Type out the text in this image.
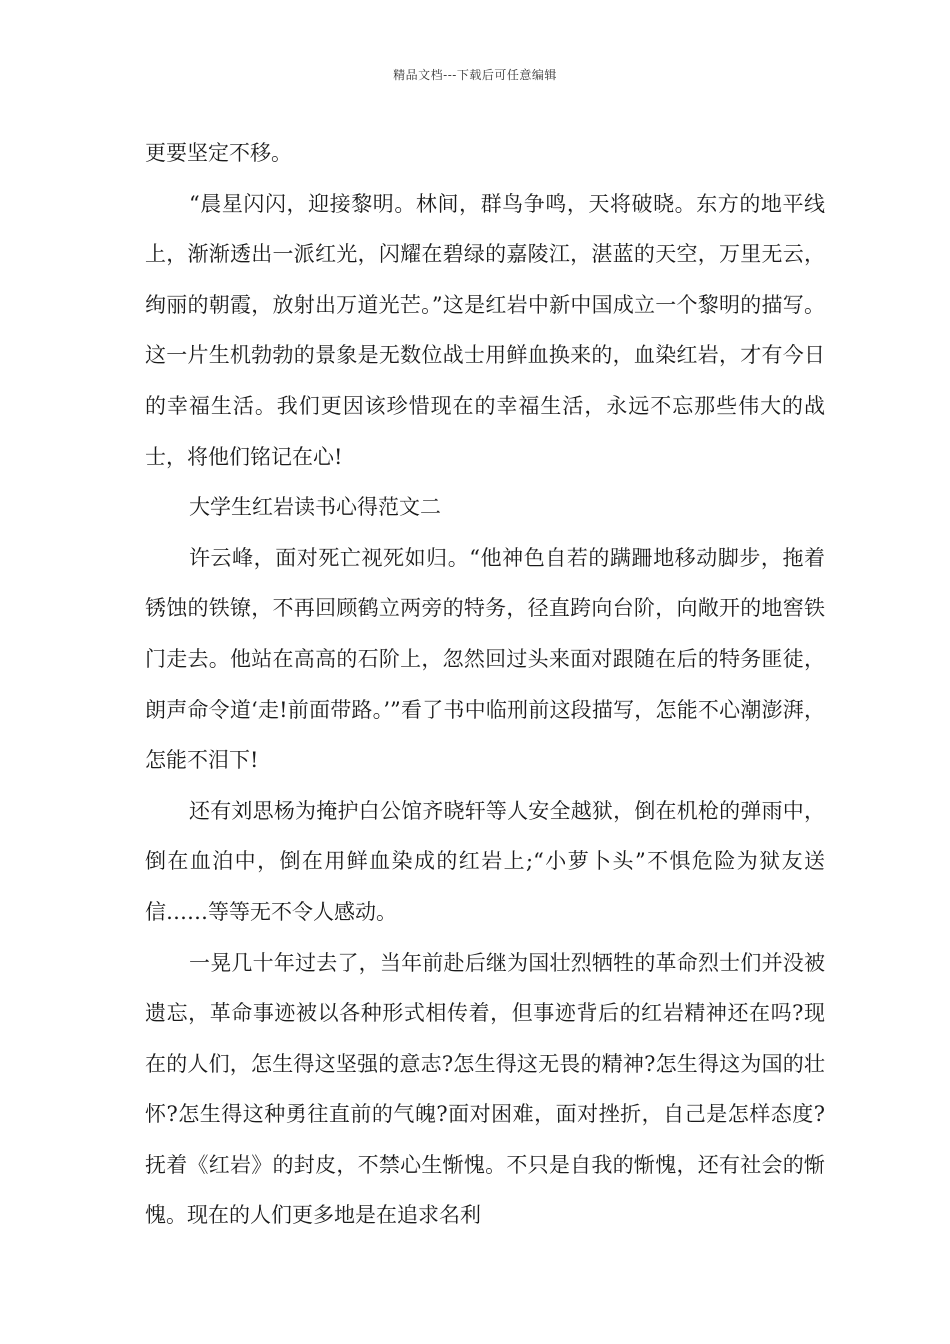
精品文档---下载后可任意编辑

更要坚定不移。

“晨星闪闪，迎接黎明。林间，群鸟争鸣，天将破晓。东方的地平线上，渐渐透出一派红光，闪耀在碧绿的嘉陵江，湛蓝的天空，万里无云，绚丽的朝霞，放射出万道光芒。”这是红岩中新中国成立一个黎明的描写。这一片生机勃勃的景象是无数位战士用鲜血换来的，血染红岩，才有今日的幸福生活。我们更因该珍惜现在的幸福生活，永远不忘那些伟大的战士，将他们铭记在心!

大学生红岩读书心得范文二

许云峰，面对死亡视死如归。“他神色自若的蹒跚地移动脚步，拖着锈蚀的铁镣，不再回顾鹤立两旁的特务，径直跨向台阶，向敞开的地窖铁门走去。他站在高高的石阶上，忽然回过头来面对跟随在后的特务匪徒，朗声命令道‘走!前面带路。’”看了书中临刑前这段描写，怎能不心潮澎湃，怎能不泪下!

还有刘思杨为掩护白公馆齐晓轩等人安全越狱，倒在机枪的弹雨中，倒在血泊中，倒在用鲜血染成的红岩上;“小萝卜头”不惧危险为狱友送信……等等无不令人感动。

一晃几十年过去了，当年前赴后继为国壮烈牺牲的革命烈士们并没被遗忘，革命事迹被以各种形式相传着，但事迹背后的红岩精神还在吗?现在的人们，怎生得这坚强的意志?怎生得这无畏的精神?怎生得这为国的壮怀?怎生得这种勇往直前的气魄?面对困难，面对挫折，自己是怎样态度?抚着《红岩》的封皮，不禁心生惭愧。不只是自我的惭愧，还有社会的惭愧。现在的人们更多地是在追求名利
